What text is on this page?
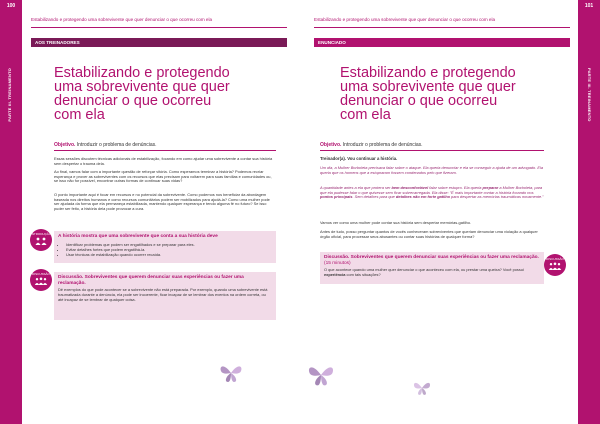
100
PARTE III. TREINAMENTO
Estabilizando e protegendo uma sobrevivente que quer denunciar o que ocorreu com ela
AOS TREINADORES
Estabilizando e protegendo uma sobrevivente que quer denunciar o que ocorreu com ela
Objetivo. Introduzir o problema de denúncias.
Essas sessões discutem técnicas adicionais de estabilização, focando em como ajudar uma sobrevivente a contar sua história sem despertar o trauma dela.
Ao final, vamos falar com a importante questão de reforçar vitória. Como esperamos terminar a história? Podemos recriar esperança e prover as sobreviventes com os recursos que elas precisam para voltarem para suas famílias e comunidades ou, se isso não for possível, encontrar outras formas de continuar suas vidas?
O ponto importante aqui é focar em recursos e no potencial da sobrevivente. Como podemos nos beneficiar da abordagem baseada nos direitos humanos e como recursos comunitários podem ser mobilizados para ajudá-la? Como uma mulher pode ser ajudada da forma que ela permaneça estabilizada, mantendo qualquer esperança e tendo alguma fé no futuro? Se isso puder ser feito, a história dela pode provocar a cura.
A história mostra que uma sobrevivente que conta a sua história deve
• Identificar problemas que podem ser engatilhados e se preparar para eles.
• Evitar detalhes fortes que podem engatilhá-la.
• Usar técnicas de estabilização quando ocorrer recaída.
INTRODUÇÃO
Discussão. Sobreviventes que querem denunciar suas experiências ou fazer uma reclamação.
Dê exemplos do que pode acontecer se a sobrevivente não está preparada. Por exemplo, quando uma sobrevivente está traumatizada durante a denúncia, ela pode ser incoerente, ficar incapaz de se lembrar dos eventos na ordem correta, ou até incapaz de se lembrar de qualquer coisa.
DISCUSSÃO
101
PARTE III. TREINAMENTO
Estabilizando e protegendo uma sobrevivente que quer denunciar o que ocorreu com ela
ENUNCIADO
Estabilizando e protegendo uma sobrevivente que quer denunciar o que ocorreu com ela
Objetivo. Introduzir o problema de denúncias.
Treinador(a). Vou continuar a história.
Um dia, a Mulher Borboleta precisava falar sobre o ataque. Ela queria denunciar e ela se conseguir a ajuda de um advogado. Ela queria que os homens que a estupraram fossem condenados pelo que fizeram.
A quantidade antes a ela que protera ser bem desconfortável falar sobre estupro. Ela queria preparar a Mulher Borboleta, para que ela pudesse falar o que quisesse sem ficar sobrecarregada. Ela disse: "É mais importante contar a história focando nos pontos principais. Sem detalhes para que detalhes não em forte gatilho para despertar as memórias traumáticas novamente."
Vamos ver como uma mulher pode contar sua história sem despertar memórias-gatilho.
Antes de tudo, posso perguntar quantos de vocês conheceram sobreviventes que queriam denunciar uma violação a qualquer órgão oficial, para processar seus abusantes ou contar suas histórias de qualquer forma?
Discussão. Sobreviventes que querem denunciar suas experiências ou fazer uma reclamação. (15 minutos)
O que acontece quando uma mulher quer denunciar o que aconteceu com ela, ou prestar uma queixa? Você possui experiência com tais situações?
DISCUSSÃO
